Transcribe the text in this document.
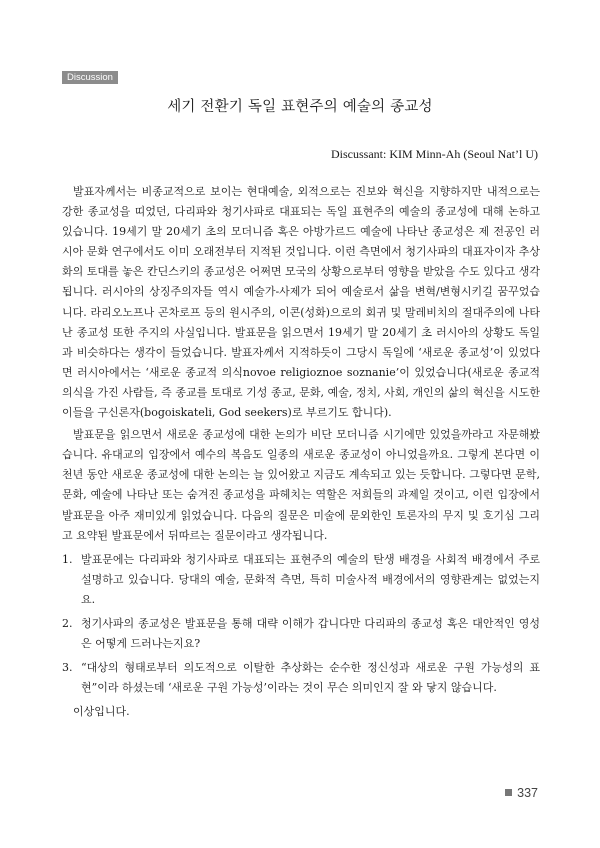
Discussion
세기 전환기 독일 표현주의 예술의 종교성
Discussant: KIM Minn-Ah (Seoul Nat’l U)

발표자께서는 비종교적으로 보이는 현대예술, 외적으로는 진보와 혁신을 지향하지만 내적으로는 강한 종교성을 띠었던, 다리파와 청기사파로 대표되는 독일 표현주의 예술의 종교성에 대해 논하고 있습니다. 19세기 말 20세기 초의 모더니즘 혹은 아방가르드 예술에 나타난 종교성은 제 전공인 러시아 문화 연구에서도 이미 오래전부터 지적된 것입니다. 이런 측면에서 청기사파의 대표자이자 추상화의 토대를 놓은 칸딘스키의 종교성은 어쩌면 모국의 상황으로부터 영향을 받았을 수도 있다고 생각됩니다. 러시아의 상징주의자들 역시 예술가-사제가 되어 예술로서 삶을 변혁/변형시키길 꿈꾸었습니다. 라리오노프나 곤차로프 등의 원시주의, 이콘(성화)으로의 회귀 및 말레비치의 절대주의에 나타난 종교성 또한 주지의 사실입니다. 발표문을 읽으면서 19세기 말 20세기 초 러시아의 상황도 독일과 비슷하다는 생각이 들었습니다. 발표자께서 지적하듯이 그당시 독일에 ‘새로운 종교성’이 있었다면 러시아에서는 ‘새로운 종교적 의식novoe religioznoe soznanie’이 있었습니다(새로운 종교적 의식을 가진 사람들, 즉 종교를 토대로 기성 종교, 문화, 예술, 정치, 사회, 개인의 삶의 혁신을 시도한 이들을 구신론자(bogoiskateli, God seekers)로 부르기도 합니다).

발표문을 읽으면서 새로운 종교성에 대한 논의가 비단 모더니즘 시기에만 있었을까라고 자문해봤습니다. 유대교의 입장에서 예수의 복음도 일종의 새로운 종교성이 아니었을까요. 그렇게 본다면 이 천년 동안 새로운 종교성에 대한 논의는 늘 있어왔고 지금도 계속되고 있는 듯합니다. 그렇다면 문학, 문화, 예술에 나타난 또는 숨겨진 종교성을 파헤치는 역할은 저희들의 과제일 것이고, 이런 입장에서 발표문을 아주 재미있게 읽었습니다. 다음의 질문은 미술에 문외한인 토론자의 무지 및 호기심 그리고 요약된 발표문에서 뒤따르는 질문이라고 생각됩니다.

1. 발표문에는 다리파와 청기사파로 대표되는 표현주의 예술의 탄생 배경을 사회적 배경에서 주로 설명하고 있습니다. 당대의 예술, 문화적 측면, 특히 미술사적 배경에서의 영향관계는 없었는지요.
2. 청기사파의 종교성은 발표문을 통해 대략 이해가 갑니다만 다리파의 종교성 혹은 대안적인 영성은 어떻게 드러나는지요?
3. “대상의 형태로부터 의도적으로 이탈한 추상화는 순수한 정신성과 새로운 구원 가능성의 표현”이라 하셨는데 ‘새로운 구원 가능성’이라는 것이 무슨 의미인지 잘 와 닿지 않습니다.

이상입니다.

337
